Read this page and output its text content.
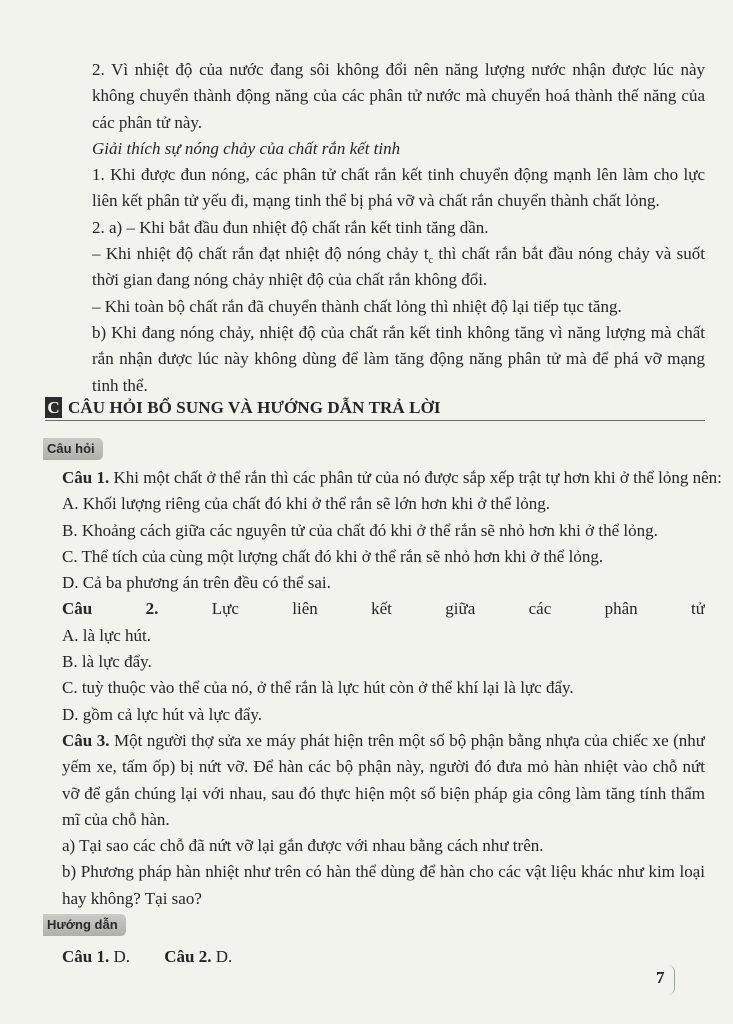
2. Vì nhiệt độ của nước đang sôi không đổi nên năng lượng nước nhận được lúc này
không chuyển thành động năng của các phân tử nước mà chuyển hoá thành thế năng của
các phân tử này.
Giải thích sự nóng chảy của chất rắn kết tinh
1. Khi được đun nóng, các phân tử chất rắn kết tinh chuyển động mạnh lên làm cho lực
liên kết phân tử yếu đi, mạng tinh thể bị phá vỡ và chất rắn chuyển thành chất lỏng.
2. a) – Khi bắt đầu đun nhiệt độ chất rắn kết tinh tăng dần.
– Khi nhiệt độ chất rắn đạt nhiệt độ nóng chảy $t_c$ thì chất rắn bắt đầu nóng chảy và suốt
thời gian đang nóng chảy nhiệt độ của chất rắn không đổi.
– Khi toàn bộ chất rắn đã chuyển thành chất lỏng thì nhiệt độ lại tiếp tục tăng.
b) Khi đang nóng chảy, nhiệt độ của chất rắn kết tinh không tăng vì năng lượng mà chất
rắn nhận được lúc này không dùng để làm tăng động năng phân tử mà để phá vỡ mạng
tinh thể.
C CÂU HỎI BỔ SUNG VÀ HƯỚNG DẪN TRẢ LỜI
Câu hỏi
Câu 1. Khi một chất ở thể rắn thì các phân tử của nó được sắp xếp trật tự hơn khi ở thể lỏng nên:
A. Khối lượng riêng của chất đó khi ở thể rắn sẽ lớn hơn khi ở thể lỏng.
B. Khoảng cách giữa các nguyên tử của chất đó khi ở thể rắn sẽ nhỏ hơn khi ở thể lỏng.
C. Thể tích của cùng một lượng chất đó khi ở thể rắn sẽ nhỏ hơn khi ở thể lỏng.
D. Cả ba phương án trên đều có thể sai.
Câu 2. Lực liên kết giữa các phân tử
A. là lực hút.
B. là lực đẩy.
C. tuỳ thuộc vào thể của nó, ở thể rắn là lực hút còn ở thể khí lại là lực đẩy.
D. gồm cả lực hút và lực đẩy.
Câu 3. Một người thợ sửa xe máy phát hiện trên một số bộ phận bằng nhựa của chiếc xe (như
yếm xe, tấm ốp) bị nứt vỡ. Để hàn các bộ phận này, người đó đưa mỏ hàn nhiệt vào chỗ nứt
vỡ để gắn chúng lại với nhau, sau đó thực hiện một số biện pháp gia công làm tăng tính thẩm
mĩ của chỗ hàn.
a) Tại sao các chỗ đã nứt vỡ lại gắn được với nhau bằng cách như trên.
b) Phương pháp hàn nhiệt như trên có hàn thể dùng để hàn cho các vật liệu khác như kim loại
hay không? Tại sao?
Hướng dẫn
Câu 1. D. Câu 2. D.
7
